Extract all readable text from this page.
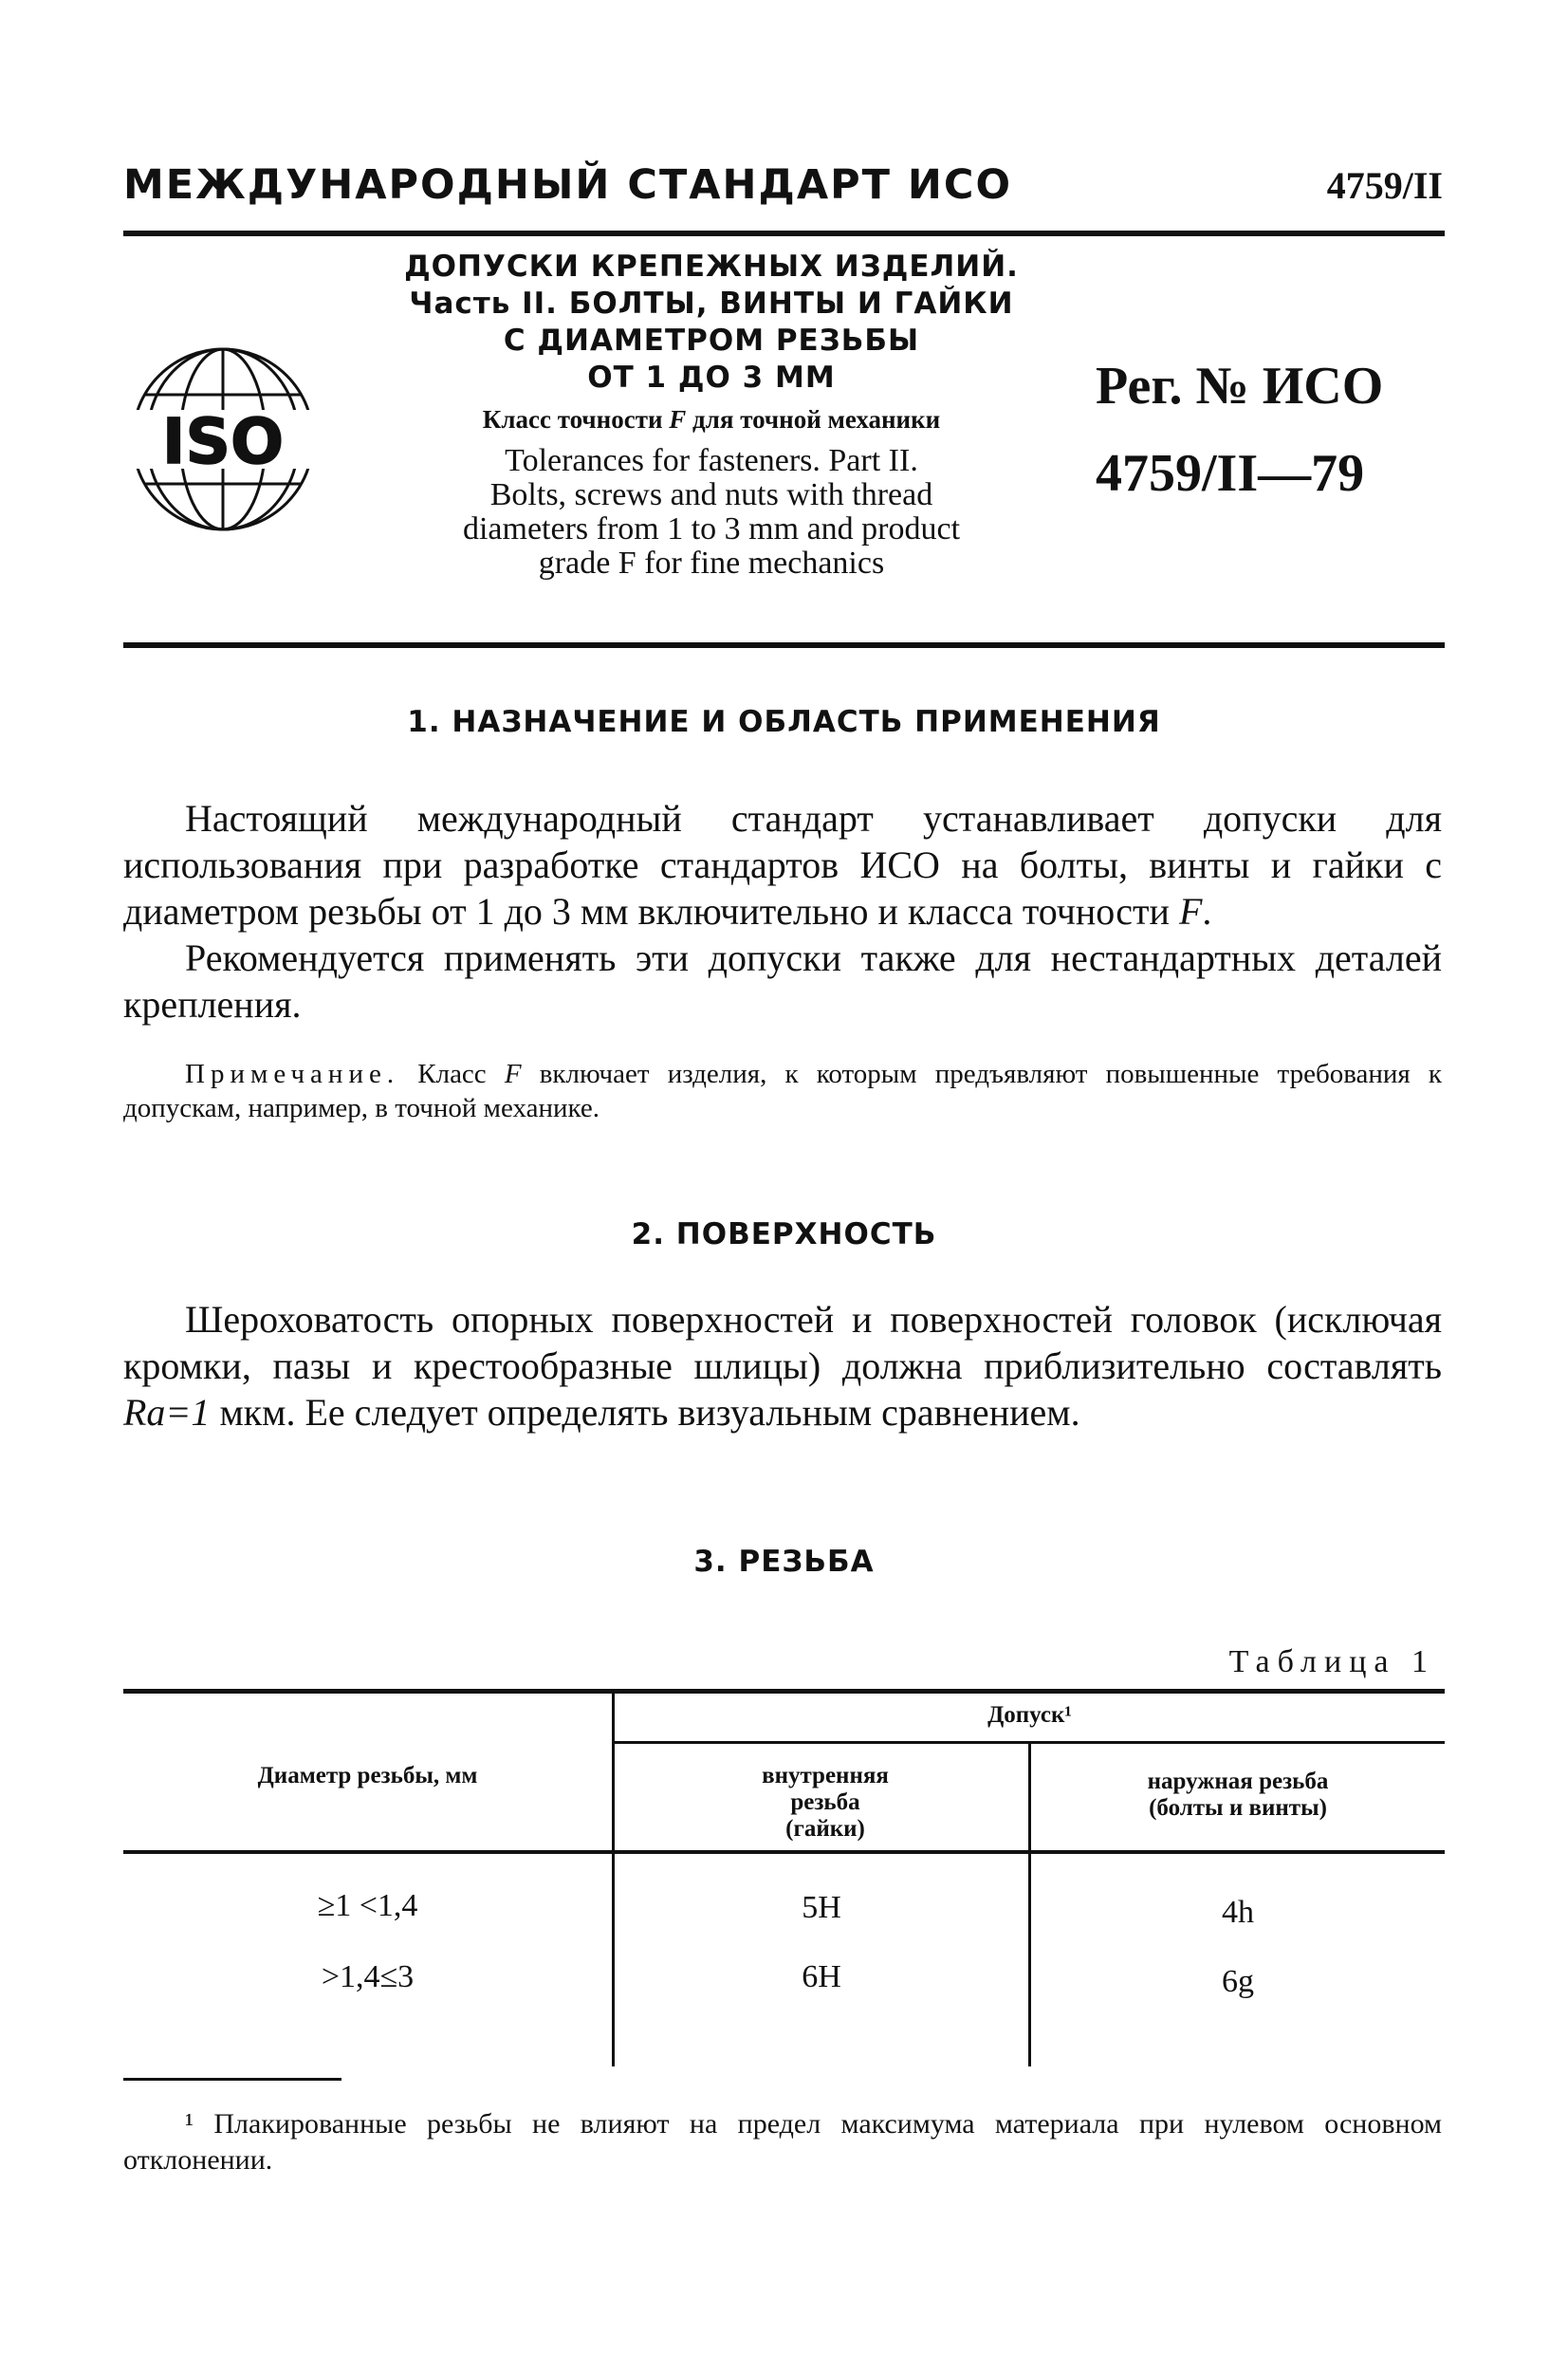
МЕЖДУНАРОДНЫЙ СТАНДАРТ ИСО	4759/II
ISO
ДОПУСКИ КРЕПЕЖНЫХ ИЗДЕЛИЙ.
Часть II. БОЛТЫ, ВИНТЫ И ГАЙКИ
С ДИАМЕТРОМ РЕЗЬБЫ
ОТ 1 ДО 3 ММ
Класс точности F для точной механики
Tolerances for fasteners. Part II.
Bolts, screws and nuts with thread
diameters from 1 to 3 mm and product
grade F for fine mechanics
Рег. № ИСО
4759/II—79
1. НАЗНАЧЕНИЕ И ОБЛАСТЬ ПРИМЕНЕНИЯ

Настоящий международный стандарт устанавливает допуски для использования при разработке стандартов ИСО на болты, винты и гайки с диаметром резьбы от 1 до 3 мм включительно и класса точности F.

Рекомендуется применять эти допуски также для нестандартных деталей крепления.

Примечание. Класс F включает изделия, к которым предъявляют повышенные требования к допускам, например, в точной механике.
2. ПОВЕРХНОСТЬ

Шероховатость опорных поверхностей и поверхностей головок (исключая кромки, пазы и крестообразные шлицы) должна приблизительно составлять Ra=1 мкм. Ее следует определять визуальным сравнением.

3. РЕЗЬБА
Таблица 1
Диаметр резьбы, мм
Допуск¹
внутренняя резьба (гайки)
наружная резьба (болты и винты)
≥1 <1,4	5H	4h
>1,4≤3	6H	6g
¹ Плакированные резьбы не влияют на предел максимума материала при нулевом основном отклонении.
